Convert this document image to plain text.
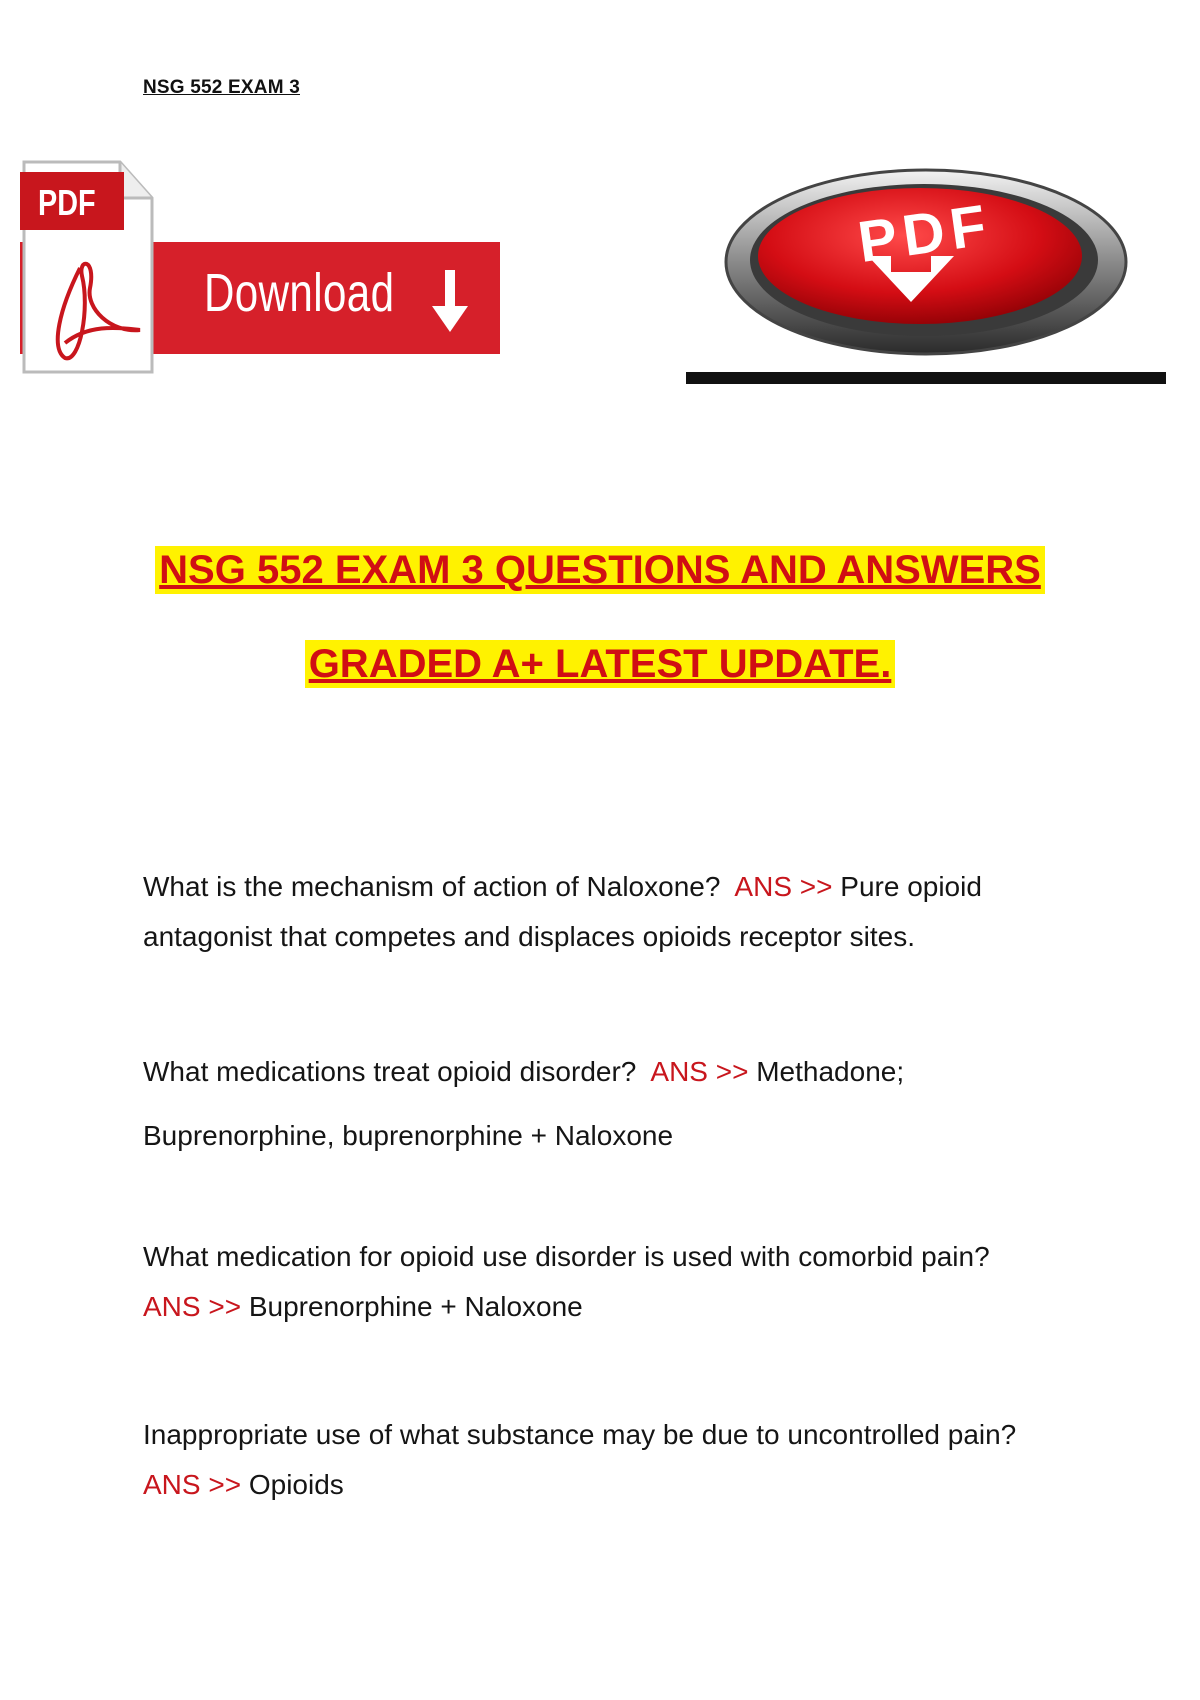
NSG 552 EXAM 3
PDF
Download
PDF
NSG 552 EXAM 3 QUESTIONS AND ANSWERS
GRADED A+ LATEST UPDATE.
What is the mechanism of action of Naloxone? ANS >> Pure opioid antagonist that competes and displaces opioids receptor sites.
What medications treat opioid disorder? ANS >> Methadone; Buprenorphine, buprenorphine + Naloxone
What medication for opioid use disorder is used with comorbid pain?
ANS >> Buprenorphine + Naloxone
Inappropriate use of what substance may be due to uncontrolled pain?
ANS >> Opioids
